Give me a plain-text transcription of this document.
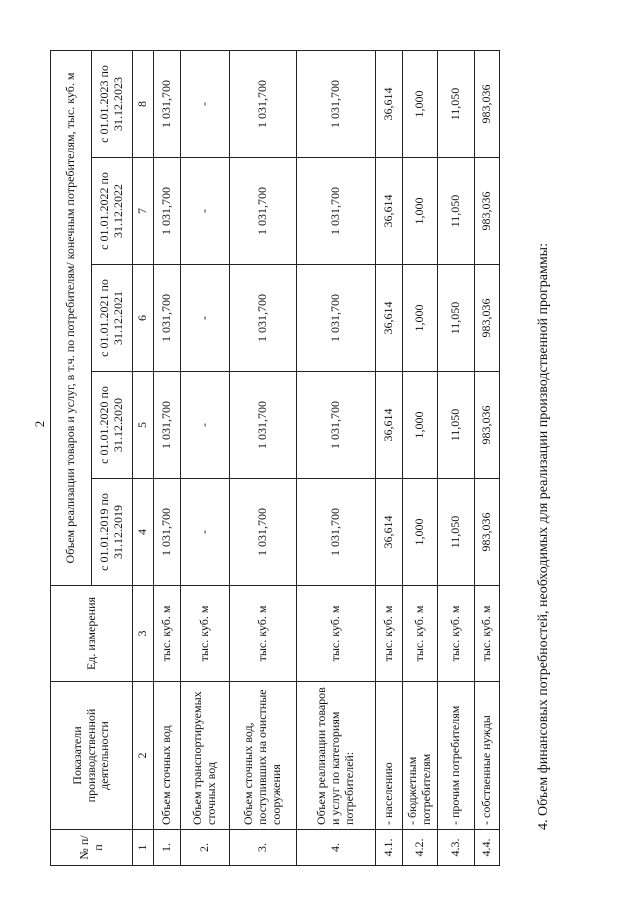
2
№ п/п	Показатели производственной деятельности	Ед. измерения	Объем реализации товаров и услуг, в т.ч. по потребителям/ конечным потребителям, тыс. куб. м				
			с 01.01.2019 по 31.12.2019	с 01.01.2020 по 31.12.2020	с 01.01.2021 по 31.12.2021	с 01.01.2022 по 31.12.2022	с 01.01.2023 по 31.12.2023
1	2	3	4	5	6	7	8
1.	Объем сточных вод	тыс. куб. м	1 031,700	1 031,700	1 031,700	1 031,700	1 031,700
2.	Объем транспортируемых сточных вод	тыс. куб. м	-	-	-	-	-
3.	Объем сточных вод, поступивших на очистные сооружения	тыс. куб. м	1 031,700	1 031,700	1 031,700	1 031,700	1 031,700
4.	Объем реализации товаров и услуг по категориям потребителей:	тыс. куб. м	1 031,700	1 031,700	1 031,700	1 031,700	1 031,700
4.1.	- населению	тыс. куб. м	36,614	36,614	36,614	36,614	36,614
4.2.	- бюджетным потребителям	тыс. куб. м	1,000	1,000	1,000	1,000	1,000
4.3.	- прочим потребителям	тыс. куб. м	11,050	11,050	11,050	11,050	11,050
4.4.	- собственные нужды	тыс. куб. м	983,036	983,036	983,036	983,036	983,036
4. Объем финансовых потребностей, необходимых для реализации производственной программы:
